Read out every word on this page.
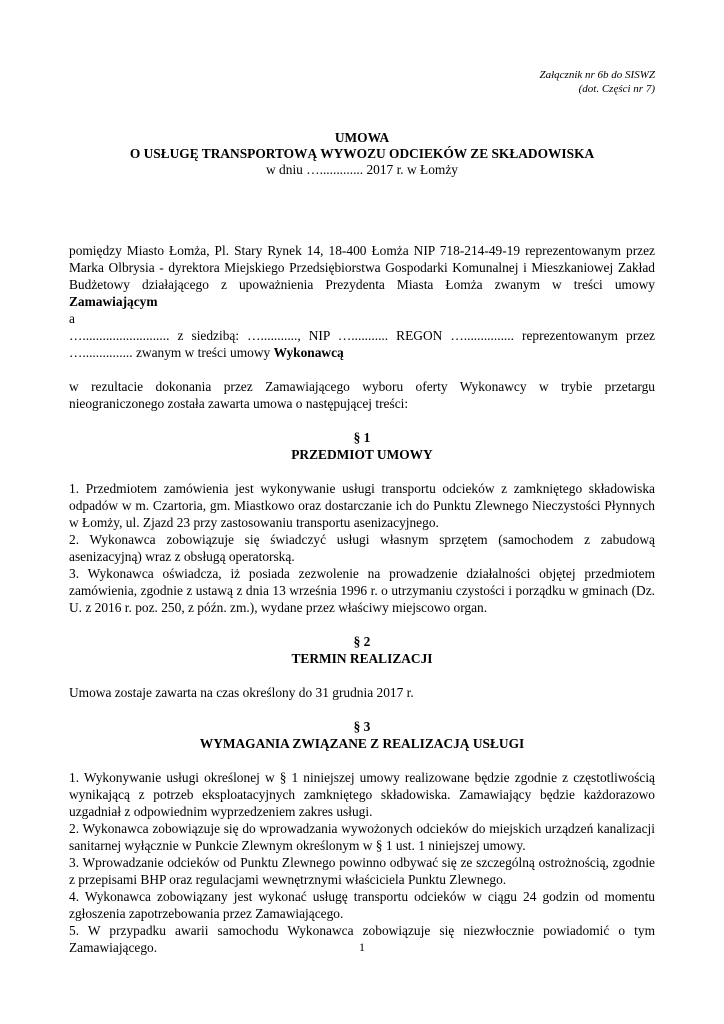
Załącznik nr 6b do SISWZ
(dot. Części nr 7)
UMOWA
O USŁUGĘ TRANSPORTOWĄ WYWOZU ODCIEKÓW ZE SKŁADOWISKA
w dniu …............. 2017 r. w Łomży

pomiędzy Miasto Łomża, Pl. Stary Rynek 14, 18-400 Łomża NIP 718-214-49-19 reprezentowanym przez Marka Olbrysia - dyrektora Miejskiego Przedsiębiorstwa Gospodarki Komunalnej i Mieszkaniowej Zakład Budżetowy działającego z upoważnienia Prezydenta Miasta Łomża zwanym w treści umowy Zamawiającym

a

….......................... z siedzibą: …..........., NIP …........... REGON …............... reprezentowanym przez …............... zwanym w treści umowy Wykonawcą

w rezultacie dokonania przez Zamawiającego wyboru oferty Wykonawcy w trybie przetargu nieograniczonego została zawarta umowa o następującej treści:

§ 1
PRZEDMIOT UMOWY

1. Przedmiotem zamówienia jest wykonywanie usługi transportu odcieków z zamkniętego składowiska odpadów w m. Czartoria, gm. Miastkowo oraz dostarczanie ich do Punktu Zlewnego Nieczystości Płynnych w Łomży, ul. Zjazd 23 przy zastosowaniu transportu asenizacyjnego.

2. Wykonawca zobowiązuje się świadczyć usługi własnym sprzętem (samochodem z zabudową asenizacyjną) wraz z obsługą operatorską.

3. Wykonawca oświadcza, iż posiada zezwolenie na prowadzenie działalności objętej przedmiotem zamówienia, zgodnie z ustawą z dnia 13 września 1996 r. o utrzymaniu czystości i porządku w gminach (Dz. U. z 2016 r. poz. 250, z późn. zm.), wydane przez właściwy miejscowo organ.

§ 2
TERMIN REALIZACJI

Umowa zostaje zawarta na czas określony do 31 grudnia 2017 r.

§ 3
WYMAGANIA ZWIĄZANE Z REALIZACJĄ USŁUGI

1. Wykonywanie usługi określonej w § 1 niniejszej umowy realizowane będzie zgodnie z częstotliwością wynikającą z potrzeb eksploatacyjnych zamkniętego składowiska. Zamawiający będzie każdorazowo uzgadniał z odpowiednim wyprzedzeniem zakres usługi.

2. Wykonawca zobowiązuje się do wprowadzania wywożonych odcieków do miejskich urządzeń kanalizacji sanitarnej wyłącznie w Punkcie Zlewnym określonym w § 1 ust. 1 niniejszej umowy.

3. Wprowadzanie odcieków od Punktu Zlewnego powinno odbywać się ze szczególną ostrożnością, zgodnie z przepisami BHP oraz regulacjami wewnętrznymi właściciela Punktu Zlewnego.

4. Wykonawca zobowiązany jest wykonać usługę transportu odcieków w ciągu 24 godzin od momentu zgłoszenia zapotrzebowania przez Zamawiającego.

5. W przypadku awarii samochodu Wykonawca zobowiązuje się niezwłocznie powiadomić o tym Zamawiającego.	1
